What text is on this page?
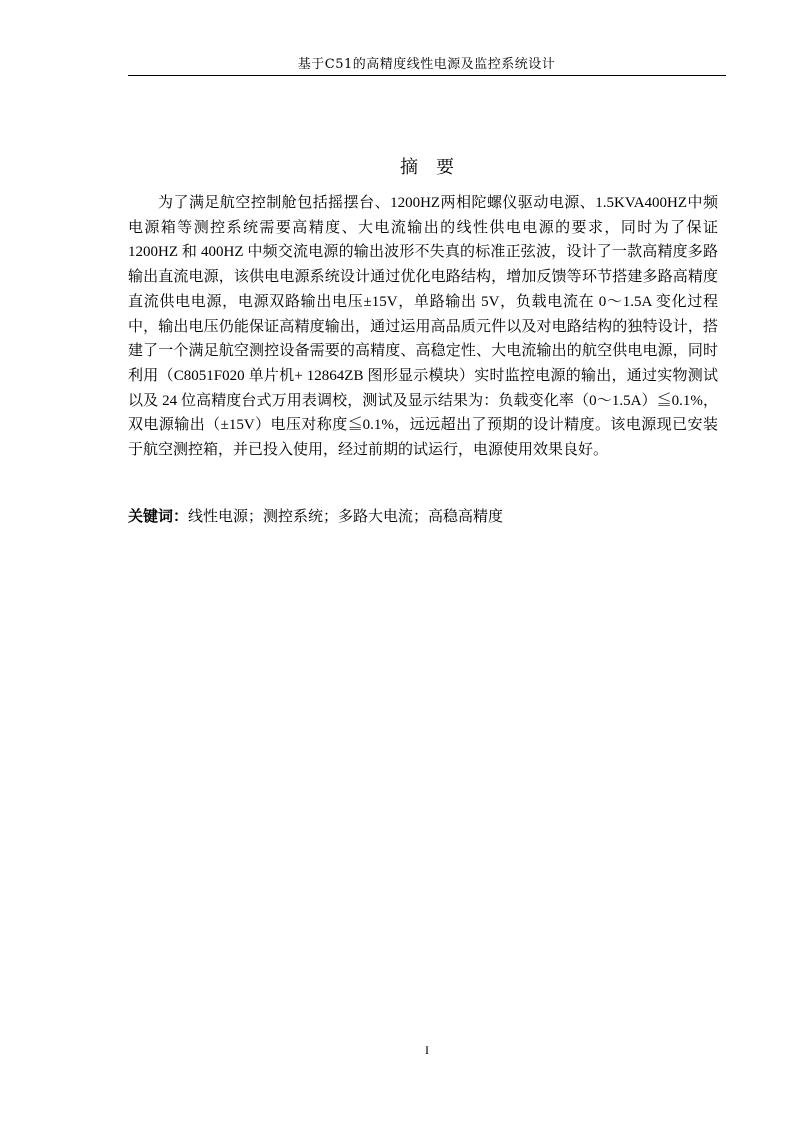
基于C51的高精度线性电源及监控系统设计
摘要

为了满足航空控制舱包括摇摆台、1200HZ两相陀螺仪驱动电源、1.5KVA400HZ中频电源箱等测控系统需要高精度、大电流输出的线性供电电源的要求，同时为了保证 1200HZ 和 400HZ 中频交流电源的输出波形不失真的标准正弦波，设计了一款高精度多路输出直流电源，该供电电源系统设计通过优化电路结构，增加反馈等环节搭建多路高精度直流供电电源，电源双路输出电压±15V，单路输出 5V，负载电流在 0～1.5A 变化过程中，输出电压仍能保证高精度输出，通过运用高品质元件以及对电路结构的独特设计，搭建了一个满足航空测控设备需要的高精度、高稳定性、大电流输出的航空供电电源，同时利用（C8051F020 单片机+ 12864ZB 图形显示模块）实时监控电源的输出，通过实物测试以及 24 位高精度台式万用表调校，测试及显示结果为：负载变化率（0～1.5A）≦0.1%，双电源输出（±15V）电压对称度≦0.1%，远远超出了预期的设计精度。该电源现已安装于航空测控箱，并已投入使用，经过前期的试运行，电源使用效果良好。

关键词：线性电源；测控系统；多路大电流；高稳高精度
I
